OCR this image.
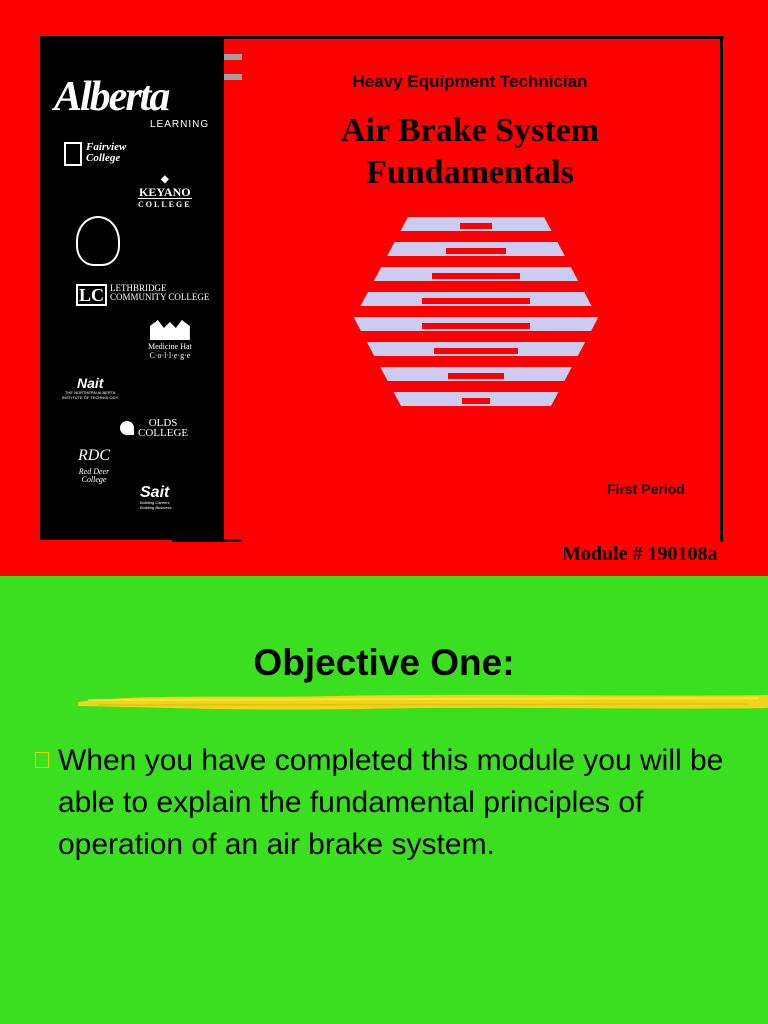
Alberta
LEARNING
Fairview
College
◆
KEYANO
COLLEGE
LC LETHBRIDGE
COMMUNITY COLLEGE
Medicine Hat
C·o·l·l·e·g·e
Nait
THE NORTHERN ALBERTA
INSTITUTE OF TECHNOLOGY
OLDS
COLLEGE
RDC
Red Deer
College
Sait
Building Careers
Building Business
Heavy Equipment Technician
Air Brake System
Fundamentals
First Period
Module # 190108a
Objective One:
When you have completed this module you will be able to explain the fundamental principles of operation of an air brake system.
